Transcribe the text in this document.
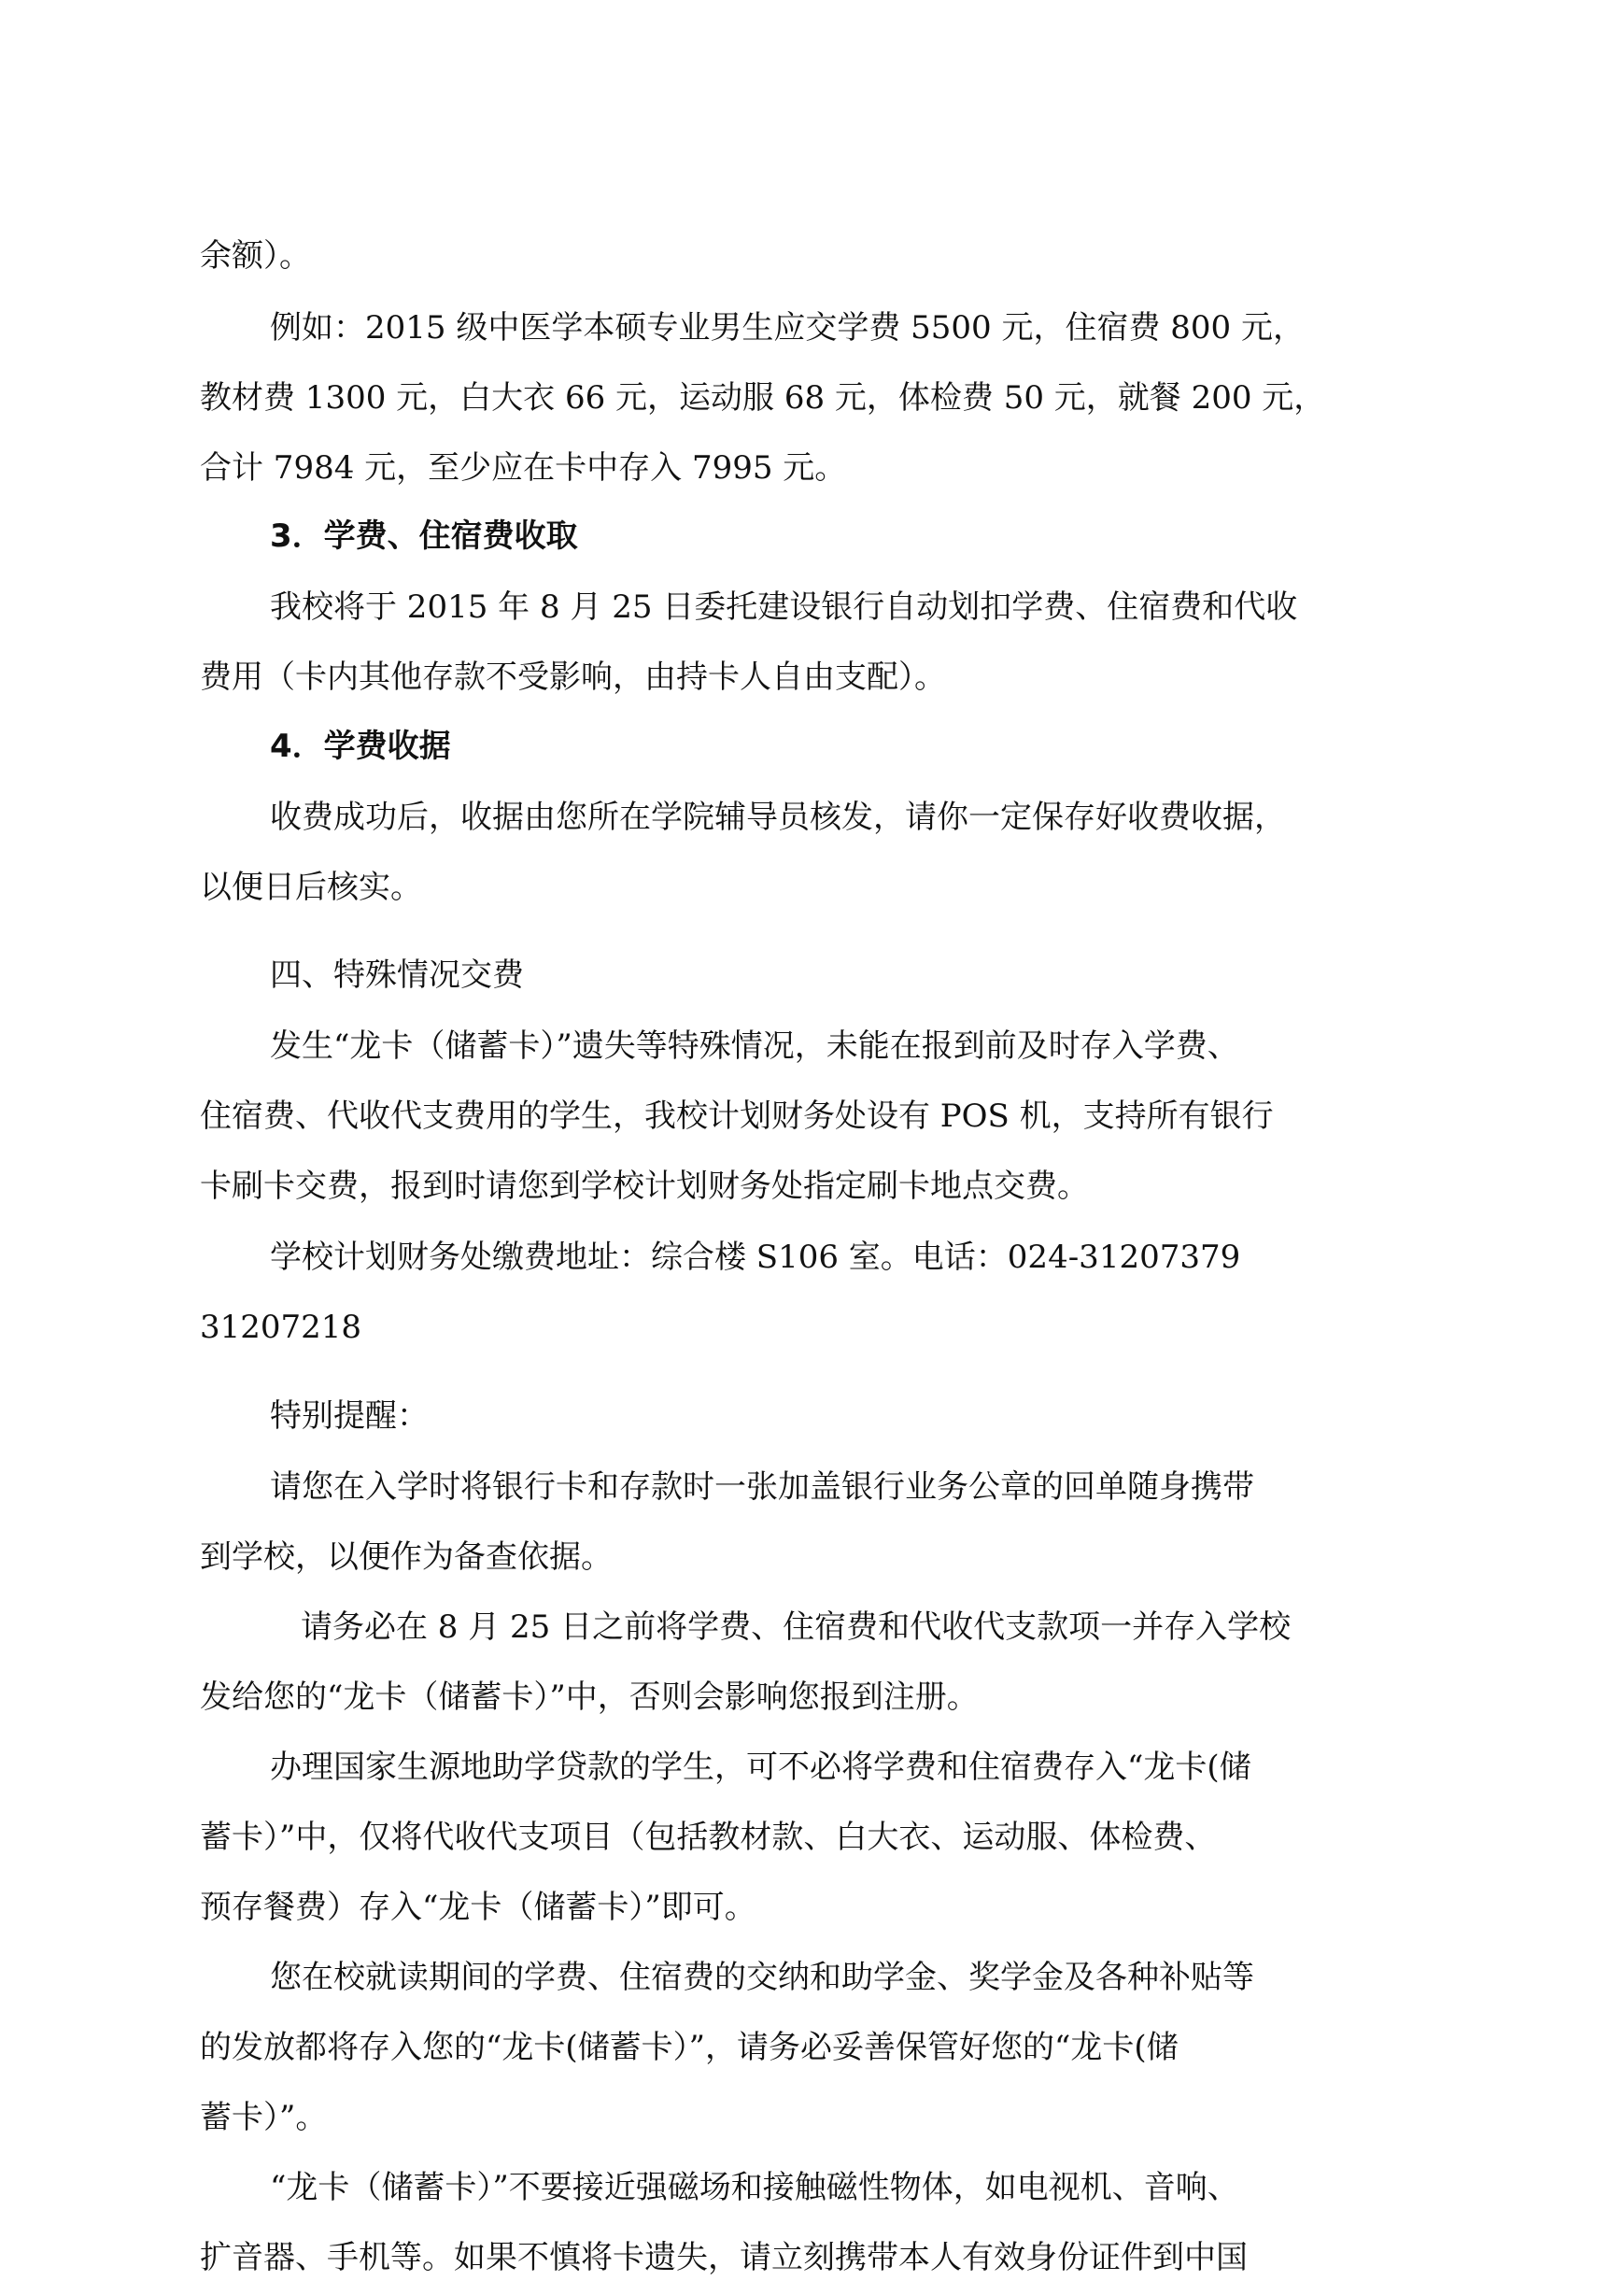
余额）。
例如：2015 级中医学本硕专业男生应交学费 5500 元，住宿费 800 元，
教材费 1300 元，白大衣 66 元，运动服 68 元，体检费 50 元，就餐 200 元，
合计 7984 元，至少应在卡中存入 7995 元。
3．学费、住宿费收取
我校将于 2015 年 8 月 25 日委托建设银行自动划扣学费、住宿费和代收
费用（卡内其他存款不受影响，由持卡人自由支配）。
4．学费收据
收费成功后，收据由您所在学院辅导员核发，请你一定保存好收费收据，
以便日后核实。
四、特殊情况交费
发生“龙卡（储蓄卡）”遗失等特殊情况，未能在报到前及时存入学费、
住宿费、代收代支费用的学生，我校计划财务处设有 POS 机，支持所有银行
卡刷卡交费，报到时请您到学校计划财务处指定刷卡地点交费。
学校计划财务处缴费地址：综合楼 S106 室。电话：024-31207379
31207218
特别提醒：
请您在入学时将银行卡和存款时一张加盖银行业务公章的回单随身携带
到学校，以便作为备查依据。
请务必在 8 月 25 日之前将学费、住宿费和代收代支款项一并存入学校
发给您的“龙卡（储蓄卡）”中，否则会影响您报到注册。
办理国家生源地助学贷款的学生，可不必将学费和住宿费存入“龙卡(储
蓄卡）”中，仅将代收代支项目（包括教材款、白大衣、运动服、体检费、
预存餐费）存入“龙卡（储蓄卡）”即可。
您在校就读期间的学费、住宿费的交纳和助学金、奖学金及各种补贴等
的发放都将存入您的“龙卡(储蓄卡）”，请务必妥善保管好您的“龙卡(储
蓄卡）”。
“龙卡（储蓄卡）”不要接近强磁场和接触磁性物体，如电视机、音响、
扩音器、手机等。如果不慎将卡遗失，请立刻携带本人有效身份证件到中国
